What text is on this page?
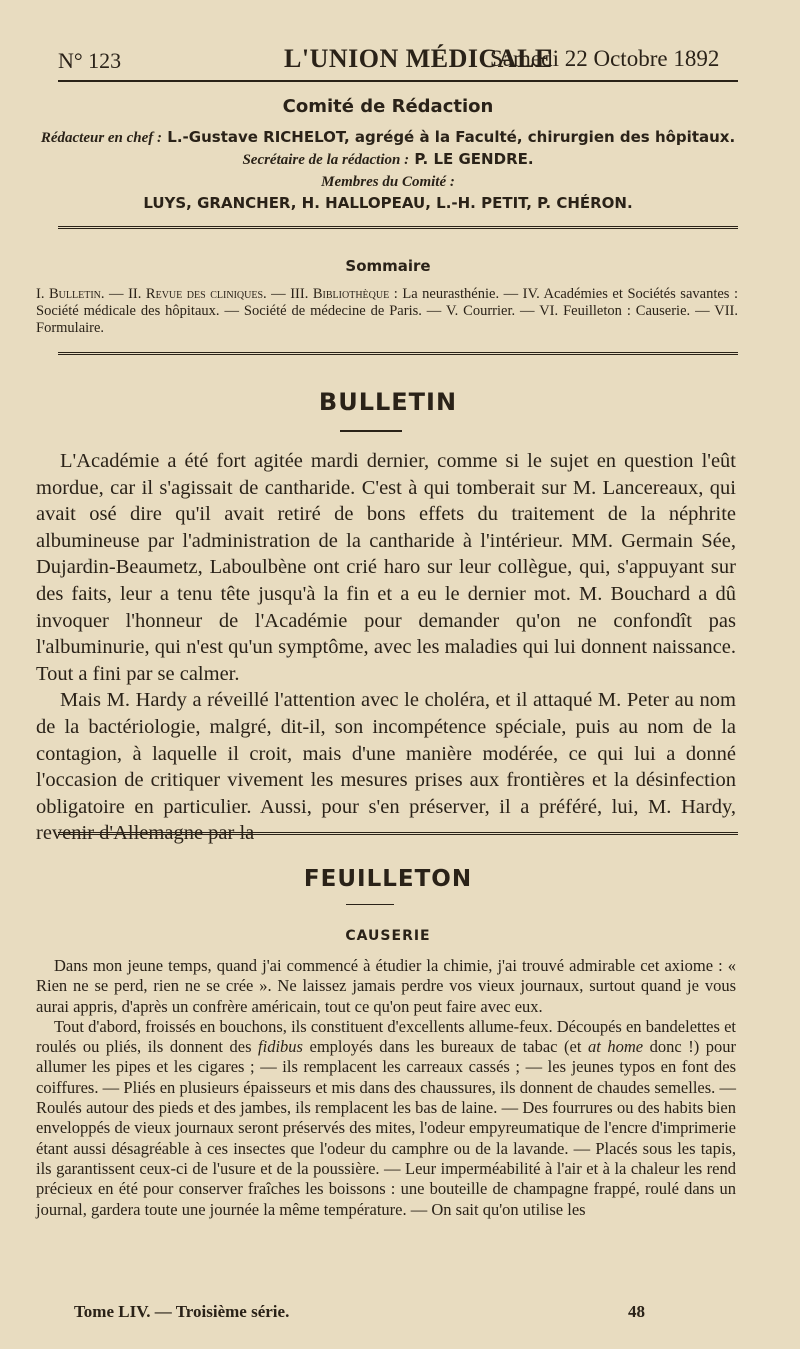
N° 123	L'UNION MÉDICALE
Samedi 22 Octobre 1892
Comité de Rédaction
Rédacteur en chef : L.-Gustave RICHELOT, agrégé à la Faculté, chirurgien des hôpitaux.
Secrétaire de la rédaction : P. LE GENDRE.
Membres du Comité :
LUYS, GRANCHER, H. HALLOPEAU, L.-H. PETIT, P. CHÉRON.
Sommaire
I. Bulletin. — II. Revue des cliniques. — III. Bibliothèque : La neurasthénie. — IV. Académies et Sociétés savantes : Société médicale des hôpitaux. — Société de médecine de Paris. — V. Courrier. — VI. Feuilleton : Causerie. — VII. Formulaire.
BULLETIN

L'Académie a été fort agitée mardi dernier, comme si le sujet en question l'eût mordue, car il s'agissait de cantharide. C'est à qui tomberait sur M. Lancereaux, qui avait osé dire qu'il avait retiré de bons effets du traitement de la néphrite albumineuse par l'administration de la cantharide à l'intérieur. MM. Germain Sée, Dujardin-Beaumetz, Laboulbène ont crié haro sur leur collègue, qui, s'appuyant sur des faits, leur a tenu tête jusqu'à la fin et a eu le dernier mot. M. Bouchard a dû invoquer l'honneur de l'Académie pour demander qu'on ne confondît pas l'albuminurie, qui n'est qu'un symptôme, avec les maladies qui lui donnent naissance. Tout a fini par se calmer.

Mais M. Hardy a réveillé l'attention avec le choléra, et il attaqué M. Peter au nom de la bactériologie, malgré, dit-il, son incompétence spéciale, puis au nom de la contagion, à laquelle il croit, mais d'une manière modérée, ce qui lui a donné l'occasion de critiquer vivement les mesures prises aux frontières et la désinfection obligatoire en particulier. Aussi, pour s'en préserver, il a préféré, lui, M. Hardy, revenir d'Allemagne par la

FEUILLETON
CAUSERIE

Dans mon jeune temps, quand j'ai commencé à étudier la chimie, j'ai trouvé admirable cet axiome : « Rien ne se perd, rien ne se crée ». Ne laissez jamais perdre vos vieux journaux, surtout quand je vous aurai appris, d'après un confrère américain, tout ce qu'on peut faire avec eux.

Tout d'abord, froissés en bouchons, ils constituent d'excellents allume-feux. Découpés en bandelettes et roulés ou pliés, ils donnent des fidibus employés dans les bureaux de tabac (et at home donc !) pour allumer les pipes et les cigares ; — ils remplacent les carreaux cassés ; — les jeunes typos en font des coiffures. — Pliés en plusieurs épaisseurs et mis dans des chaussures, ils donnent de chaudes semelles. — Roulés autour des pieds et des jambes, ils remplacent les bas de laine. — Des fourrures ou des habits bien enveloppés de vieux journaux seront préservés des mites, l'odeur empyreumatique de l'encre d'imprimerie étant aussi désagréable à ces insectes que l'odeur du camphre ou de la lavande. — Placés sous les tapis, ils garantissent ceux-ci de l'usure et de la poussière. — Leur imperméabilité à l'air et à la chaleur les rend précieux en été pour conserver fraîches les boissons : une bouteille de champagne frappé, roulé dans un journal, gardera toute une journée la même température. — On sait qu'on utilise les

Tome LIV. — Troisième série.	48
